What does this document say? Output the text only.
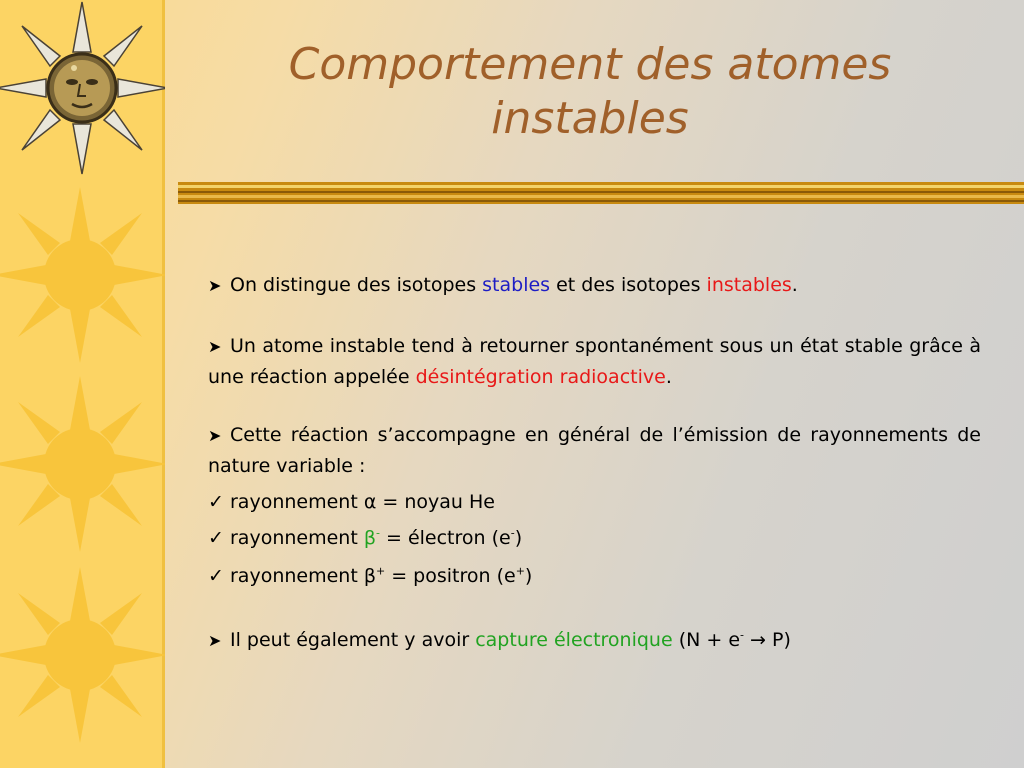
Comportement des atomes
instables

➤ On distingue des isotopes stables et des isotopes instables.

➤ Un atome instable tend à retourner spontanément sous un état stable grâce à une réaction appelée désintégration radioactive.

➤ Cette réaction s’accompagne en général de l’émission de rayonnements de nature variable :

✓ rayonnement α = noyau He
✓ rayonnement β- = électron (e-)
✓ rayonnement β+ = positron (e+)

➤ Il peut également y avoir capture électronique (N + e- → P)
